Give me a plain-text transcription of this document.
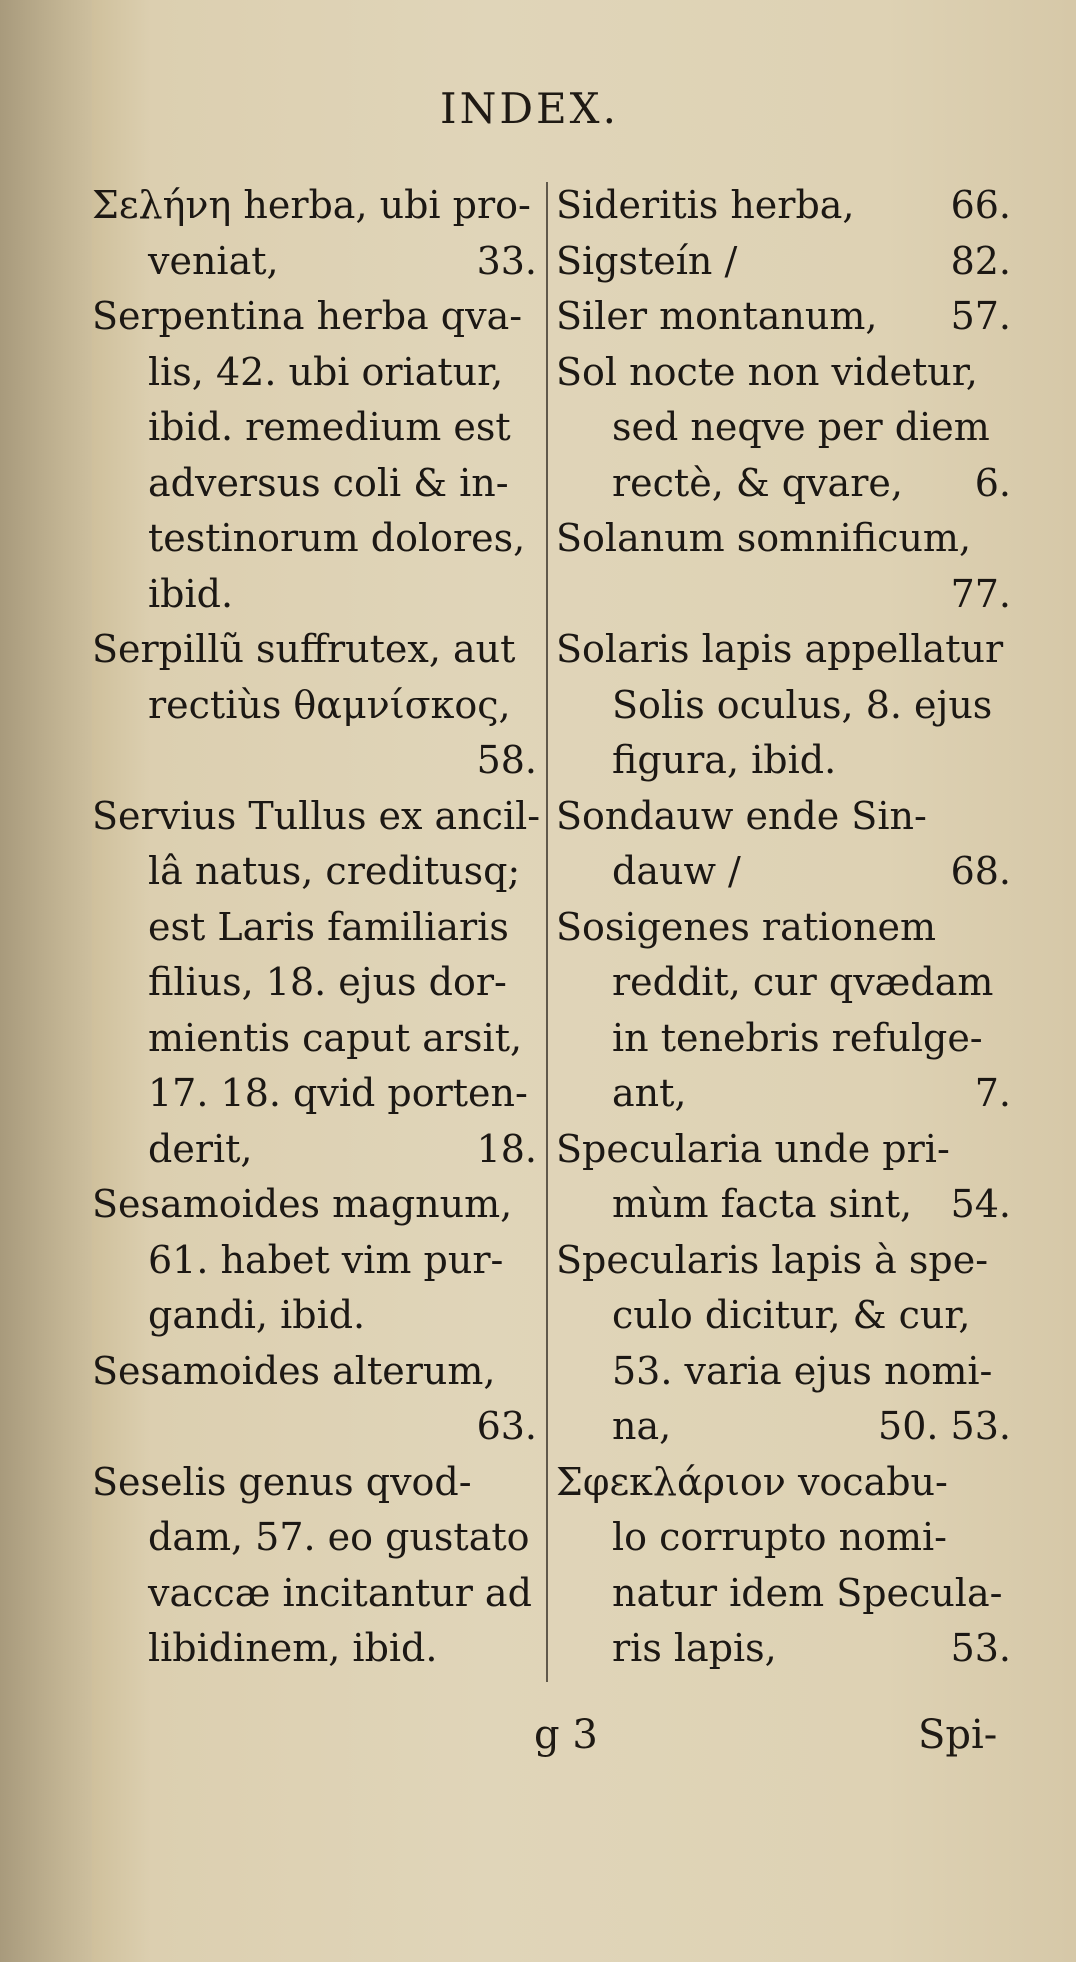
INDEX.
Σελήνη herba, ubi pro-
veniat,	33.
Serpentina herba qva-
lis, 42. ubi oriatur,
ibid. remedium est
adversus coli & in-
testinorum dolores,
ibid.
Serpillũ suffrutex, aut
rectiùs θαμνίσκος,
58.
Servius Tullus ex ancil-
lâ natus, creditusq;
est Laris familiaris
filius, 18. ejus dor-
mientis caput arsit,
17. 18. qvid porten-
derit,	18.
Sesamoides magnum,
61. habet vim pur-
gandi, ibid.
Sesamoides alterum,
63.
Seselis genus qvod-
dam, 57. eo gustato
vaccæ incitantur ad
libidinem, ibid.
Sideritis herba,	66.
Sigsteín /	82.
Siler montanum, 57.
Sol nocte non videtur,
sed neqve per diem
rectè, & qvare, 6.
Solanum somnificum,
77.
Solaris lapis appellatur
Solis oculus, 8. ejus
figura, ibid.
Sondauw ende Sin-
dauw /	68.
Sosigenes rationem
reddit, cur qvædam
in tenebris refulge-
ant,	7.
Specularia unde pri-
mùm facta sint, 54.
Specularis lapis à spe-
culo dicitur, & cur,
53. varia ejus nomi-
na,	50. 53.
Σφεκλάριον vocabu-
lo corrupto nomi-
natur idem Specula-
ris lapis,	53.
g 3	Spi-
